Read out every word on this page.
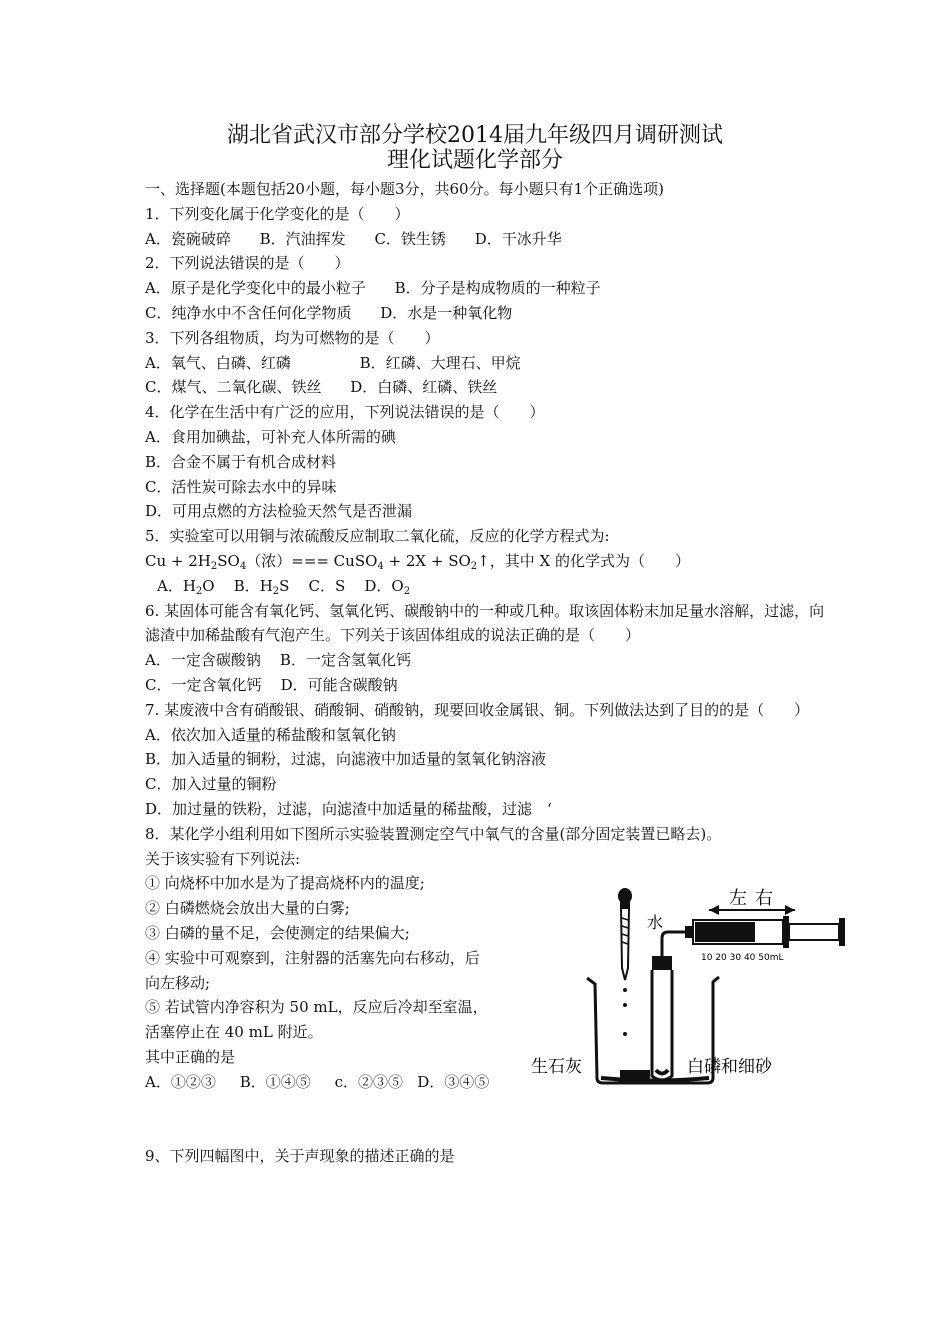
湖北省武汉市部分学校2014届九年级四月调研测试
理化试题化学部分
一、选择题(本题包括20小题，每小题3分，共60分。每小题只有1个正确选项)
1．下列变化属于化学变化的是（　　）
A．瓷碗破碎 B．汽油挥发 C．铁生锈 D．干冰升华
2．下列说法错误的是（　　）
A．原子是化学变化中的最小粒子 B．分子是构成物质的一种粒子
C．纯净水中不含任何化学物质 D．水是一种氧化物
3．下列各组物质，均为可燃物的是（　　）
A．氧气、白磷、红磷	B．红磷、大理石、甲烷
C．煤气、二氧化碳、铁丝 D．白磷、红磷、铁丝
4．化学在生活中有广泛的应用，下列说法错误的是（　　）
A．食用加碘盐，可补充人体所需的碘
B．合金不属于有机合成材料
C．活性炭可除去水中的异味
D．可用点燃的方法检验天然气是否泄漏
5．实验室可以用铜与浓硫酸反应制取二氧化硫，反应的化学方程式为:
$Cu + 2H_2SO_4$（浓）=== CuSO$_4$ + $2X + SO_2↑$，其中 X 的化学式为（　　）
A．$H_2O$ B．$H_2S$ C．S D．$O_2$
6. 某固体可能含有氧化钙、氢氧化钙、碳酸钠中的一种或几种。取该固体粉末加足量水溶解，过滤，向滤渣中加稀盐酸有气泡产生。下列关于该固体组成的说法正确的是（　　）
A．一定含碳酸钠 B．一定含氢氧化钙
C．一定含氧化钙 D．可能含碳酸钠
7. 某废液中含有硝酸银、硝酸铜、硝酸钠，现要回收金属银、铜。下列做法达到了目的的是（　　）
A．依次加入适量的稀盐酸和氢氧化钠
B．加入适量的铜粉，过滤，向滤液中加适量的氢氧化钠溶液
C．加入过量的铜粉
D．加过量的铁粉，过滤，向滤渣中加适量的稀盐酸，过滤　‘
8．某化学小组利用如下图所示实验装置测定空气中氧气的含量(部分固定装置已略去)。
关于该实验有下列说法:
① 向烧杯中加水是为了提高烧杯内的温度;
② 白磷燃烧会放出大量的白雾;
③ 白磷的量不足，会使测定的结果偏大;
④ 实验中可观察到，注射器的活塞先向右移动，后
向左移动;
⑤ 若试管内净容积为 50 mL，反应后冷却至室温，
活塞停止在 40 mL 附近。
其中正确的是
A．①②③ B．①④⑤ c．②③⑤ D．③④⑤
9、下列四幅图中，关于声现象的描述正确的是
左 右
水
10 20 30 40 50mL
生石灰	白磷和细砂
